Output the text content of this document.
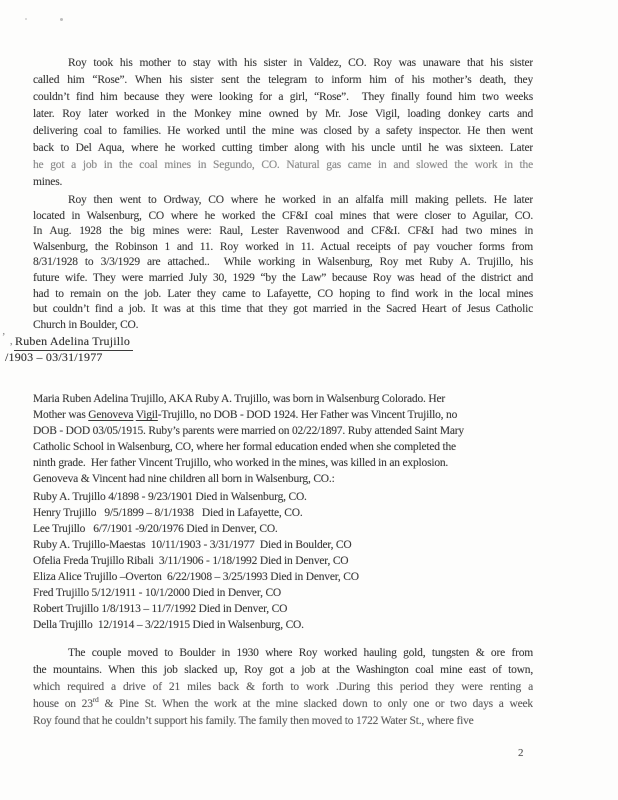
Roy took his mother to stay with his sister in Valdez, CO. Roy was unaware that his sister
called him “Rose”. When his sister sent the telegram to inform him of his mother’s death, they
couldn’t find him because they were looking for a girl, “Rose”.  They finally found him two weeks
later. Roy later worked in the Monkey mine owned by Mr. Jose Vigil, loading donkey carts and
delivering coal to families. He worked until the mine was closed by a safety inspector. He then went
back to Del Aqua, where he worked cutting timber along with his uncle until he was sixteen. Later
he got a job in the coal mines in Segundo, CO. Natural gas came in and slowed the work in the
mines.
Roy then went to Ordway, CO where he worked in an alfalfa mill making pellets. He later
located in Walsenburg, CO where he worked the CF&I coal mines that were closer to Aguilar, CO.
In Aug. 1928 the big mines were: Raul, Lester Ravenwood and CF&I. CF&I had two mines in
Walsenburg, the Robinson 1 and 11. Roy worked in 11. Actual receipts of pay voucher forms from
8/31/1928 to 3/3/1929 are attached..  While working in Walsenburg, Roy met Ruby A. Trujillo, his
future wife. They were married July 30, 1929 “by the Law” because Roy was head of the district and
had to remain on the job. Later they came to Lafayette, CO hoping to find work in the local mines
but couldn’t find a job. It was at this time that they got married in the Sacred Heart of Jesus Catholic
Church in Boulder, CO.
’ , Ruben Adelina Trujillo
/1903 – 03/31/1977
Maria Ruben Adelina Trujillo, AKA Ruby A. Trujillo, was born in Walsenburg Colorado. Her
Mother was Genoveva Vigil-Trujillo, no DOB - DOD 1924. Her Father was Vincent Trujillo, no
DOB - DOD 03/05/1915. Ruby’s parents were married on 02/22/1897. Ruby attended Saint Mary
Catholic School in Walsenburg, CO, where her formal education ended when she completed the
ninth grade.  Her father Vincent Trujillo, who worked in the mines, was killed in an explosion.
Genoveva & Vincent had nine children all born in Walsenburg, CO.:
Ruby A. Trujillo 4/1898 - 9/23/1901 Died in Walsenburg, CO.
Henry Trujillo   9/5/1899 – 8/1/1938   Died in Lafayette, CO.
Lee Trujillo   6/7/1901 -9/20/1976 Died in Denver, CO.
Ruby A. Trujillo-Maestas  10/11/1903 - 3/31/1977  Died in Boulder, CO
Ofelia Freda Trujillo Ribali  3/11/1906 - 1/18/1992 Died in Denver, CO
Eliza Alice Trujillo –Overton  6/22/1908 – 3/25/1993 Died in Denver, CO
Fred Trujillo 5/12/1911 - 10/1/2000 Died in Denver, CO
Robert Trujillo 1/8/1913 – 11/7/1992 Died in Denver, CO
Della Trujillo  12/1914 – 3/22/1915 Died in Walsenburg, CO.
The couple moved to Boulder in 1930 where Roy worked hauling gold, tungsten & ore from
the mountains. When this job slacked up, Roy got a job at the Washington coal mine east of town,
which required a drive of 21 miles back & forth to work .During this period they were renting a
house on 23rd & Pine St. When the work at the mine slacked down to only one or two days a week
Roy found that he couldn’t support his family. The family then moved to 1722 Water St., where five
2
